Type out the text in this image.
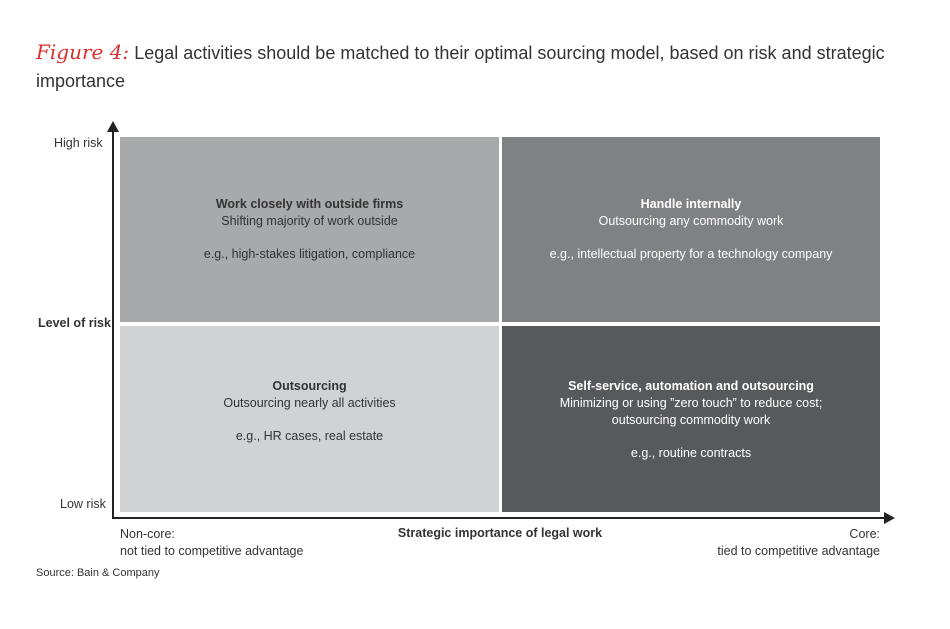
Figure 4: Legal activities should be matched to their optimal sourcing model, based on risk and strategic importance
High risk
Level of risk
Low risk
Work closely with outside firms
Shifting majority of work outside
e.g., high-stakes litigation, compliance
Handle internally
Outsourcing any commodity work
e.g., intellectual property for a technology company
Outsourcing
Outsourcing nearly all activities
e.g., HR cases, real estate
Self-service, automation and outsourcing
Minimizing or using ”zero touch” to reduce cost;
outsourcing commodity work
e.g., routine contracts
Non-core:
not tied to competitive advantage
Strategic importance of legal work	Core:
tied to competitive advantage
Source: Bain & Company
